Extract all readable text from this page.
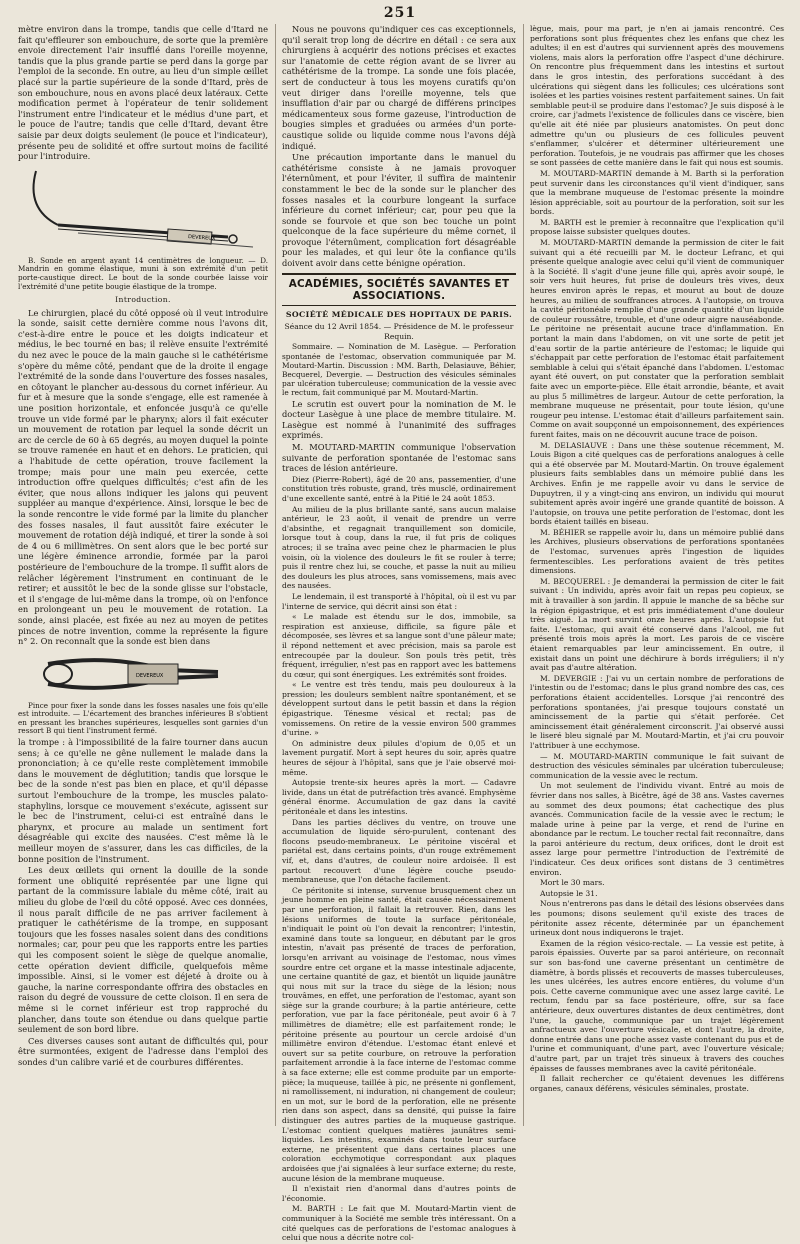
251

mètre environ dans la trompe, tandis que celle d'Itard ne fait qu'effleurer son embouchure, de sorte que la première envoie directement l'air insufflé dans l'oreille moyenne, tandis que la plus grande partie se perd dans la gorge par l'emploi de la seconde. En outre, au lieu d'un simple œillet placé sur la partie supérieure de la sonde d'Itard, près de son embouchure, nous en avons placé deux latéraux. Cette modification permet à l'opérateur de tenir solidement l'instrument entre l'indicateur et le médius d'une part, et le pouce de l'autre; tandis que celle d'Itard, devant être saisie par deux doigts seulement (le pouce et l'indicateur), présente peu de solidité et offre surtout moins de facilité pour l'introduire.

DEVEREUX

B. Sonde en argent ayant 14 centimètres de longueur. — D. Mandrin en gomme élastique, muni à son extrémité d'un petit porte-caustique direct. Le bout de la sonde courbée laisse voir l'extrémité d'une petite bougie élastique de la trompe.

Introduction.

Le chirurgien, placé du côté opposé où il veut introduire la sonde, saisit cette dernière comme nous l'avons dit, c'est-à-dire entre le pouce et les doigts indicateur et médius, le bec tourné en bas; il relève ensuite l'extrémité du nez avec le pouce de la main gauche si le cathétérisme s'opère du même côté, pendant que de la droite il engage l'extrémité de la sonde dans l'ouverture des fosses nasales, en côtoyant le plancher au-dessous du cornet inférieur. Au fur et à mesure que la sonde s'engage, elle est ramenée à une position horizontale, et enfoncée jusqu'à ce qu'elle trouve un vide formé par le pharynx; alors il fait exécuter un mouvement de rotation par lequel la sonde décrit un arc de cercle de 60 à 65 degrés, au moyen duquel la pointe se trouve ramenée en haut et en dehors. Le praticien, qui a l'habitude de cette opération, trouve facilement la trompe; mais pour une main peu exercée, cette introduction offre quelques difficultés; c'est afin de les éviter, que nous allons indiquer les jalons qui peuvent suppléer au manque d'expérience. Ainsi, lorsque le bec de la sonde rencontre le vide formé par la limite du plancher des fosses nasales, il faut aussitôt faire exécuter le mouvement de rotation déjà indiqué, et tirer la sonde à soi de 4 ou 6 millimètres. On sent alors que le bec porté sur une légère éminence arrondie, formée par la paroi postérieure de l'embouchure de la trompe. Il suffit alors de relâcher légèrement l'instrument en continuant de le retirer; et aussitôt le bec de la sonde glisse sur l'obstacle, et il s'engage de lui-même dans la trompe, où on l'enfonce en prolongeant un peu le mouvement de rotation. La sonde, ainsi placée, est fixée au nez au moyen de petites pinces de notre invention, comme la représente la figure n° 2. On reconnaît que la sonde est bien dans

DEVEREUX

Pince pour fixer la sonde dans les fosses nasales une fois qu'elle est introduite. — L'écartement des branches inférieures B s'obtient en pressant les branches supérieures, lesquelles sont garnies d'un ressort B qui tient l'instrument fermé.

la trompe : à l'impossibilité de la faire tourner dans aucun sens; à ce qu'elle ne gêne nullement le malade dans la prononciation; à ce qu'elle reste complètement immobile dans le mouvement de déglutition; tandis que lorsque le bec de la sonde n'est pas bien en place, et qu'il dépasse surtout l'embouchure de la trompe, les muscles palato-staphylins, lorsque ce mouvement s'exécute, agissent sur le bec de l'instrument, celui-ci est entraîné dans le pharynx, et procure au malade un sentiment fort désagréable qui excite des nausées. C'est même là le meilleur moyen de s'assurer, dans les cas difficiles, de la bonne position de l'instrument.

Les deux œillets qui ornent la douille de la sonde forment une obliquité représentée par une ligne qui partant de la commissure labiale du même côté, irait au milieu du globe de l'œil du côté opposé. Avec ces données, il nous paraît difficile de ne pas arriver facilement à pratiquer le cathétérisme de la trompe, en supposant toujours que les fosses nasales soient dans des conditions normales; car, pour peu que les rapports entre les parties qui les composent soient le siège de quelque anomalie, cette opération devient difficile, quelquefois même impossible. Ainsi, si le vomer est déjeté à droite ou à gauche, la narine correspondante offrira des obstacles en raison du degré de voussure de cette cloison. Il en sera de même si le cornet inférieur est trop rapproché du plancher, dans toute son étendue ou dans quelque partie seulement de son bord libre.

Ces diverses causes sont autant de difficultés qui, pour être surmontées, exigent de l'adresse dans l'emploi des sondes d'un calibre varié et de courbures différentes.

Nous ne pouvons qu'indiquer ces cas exceptionnels, qu'il serait trop long de décrire en détail : ce sera aux chirurgiens à acquérir des notions précises et exactes sur l'anatomie de cette région avant de se livrer au cathétérisme de la trompe. La sonde une fois placée, sert de conducteur à tous les moyens curatifs qu'on veut diriger dans l'oreille moyenne, tels que insufflation d'air par ou chargé de différens principes médicamenteux sous forme gazeuse, l'introduction de bougies simples et graduées ou armées d'un porte-caustique solide ou liquide comme nous l'avons déjà indiqué.

Une précaution importante dans le manuel du cathétérisme consiste à ne jamais provoquer l'éternûment, et pour l'éviter, il suffira de maintenir constamment le bec de la sonde sur le plancher des fosses nasales et la courbure longeant la surface inférieure du cornet inférieur; car, pour peu que la sonde se fourvoie et que son bec touche un point quelconque de la face supérieure du même cornet, il provoque l'éternûment, complication fort désagréable pour les malades, et qui leur ôte la confiance qu'ils doivent avoir dans cette bénigne opération.

ACADÉMIES, SOCIÉTÉS SAVANTES ET ASSOCIATIONS.
SOCIÉTÉ MÉDICALE DES HOPITAUX DE PARIS.

Séance du 12 Avril 1854. — Présidence de M. le professeur Requin.

Sommaire. — Nomination de M. Lasègue. — Perforation spontanée de l'estomac, observation communiquée par M. Moutard-Martin. Discussion : MM. Barth, Delasiauve, Béhier, Becquerel, Devergie. — Destruction des vésicules séminales par ulcération tuberculeuse; communication de la vessie avec le rectum, fait communiqué par M. Moutard-Martin.

Le scrutin est ouvert pour la nomination de M. le docteur Lasègue à une place de membre titulaire. M. Lasègue est nommé à l'unanimité des suffrages exprimés.

M. MOUTARD-MARTIN communique l'observation suivante de perforation spontanée de l'estomac sans traces de lésion antérieure.

Diez (Pierre-Robert), âgé de 20 ans, passementier, d'une constitution très robuste, grand, très musclé, ordinairement d'une excellente santé, entré à la Pitié le 24 août 1853.

Au milieu de la plus brillante santé, sans aucun malaise antérieur, le 23 août, il venait de prendre un verre d'absinthe, et regagnait tranquillement son domicile, lorsque tout à coup, dans la rue, il fut pris de coliques atroces; il se traîna avec peine chez le pharmacien le plus voisin, où la violence des douleurs le fit se rouler à terre; puis il rentre chez lui, se couche, et passe la nuit au milieu des douleurs les plus atroces, sans vomissemens, mais avec des nausées.

Le lendemain, il est transporté à l'hôpital, où il est vu par l'interne de service, qui décrit ainsi son état :

« Le malade est étendu sur le dos, immobile, sa respiration est anxieuse, difficile, sa figure pâle et décomposée, ses lèvres et sa langue sont d'une pâleur mate; il répond nettement et avec précision, mais sa parole est entrecoupée par la douleur. Son pouls très petit, très fréquent, irrégulier, n'est pas en rapport avec les battemens du cœur, qui sont énergiques. Les extrémités sont froides.

« Le ventre est très tendu, mais peu douloureux à la pression; les douleurs semblent naître spontanément, et se développent surtout dans le petit bassin et dans la région épigastrique. Ténesme vésical et rectal; pas de vomissemens. On retire de la vessie environ 500 grammes d'urine. »

On administre deux pilules d'opium de 0,05 et un lavement purgatif. Mort à sept heures du soir, après quatre heures de séjour à l'hôpital, sans que je l'aie observé moi-même.

Autopsie trente-six heures après la mort. — Cadavre livide, dans un état de putréfaction très avancé. Emphysème général énorme. Accumulation de gaz dans la cavité péritonéale et dans les intestins.

Dans les parties déclives du ventre, on trouve une accumulation de liquide séro-purulent, contenant des flocons pseudo-membraneux. Le péritoine viscéral et pariétal est, dans certains points, d'un rouge extrêmement vif, et, dans d'autres, de couleur noire ardoisée. Il est partout recouvert d'une légère couche pseudo-membraneuse, que l'on détache facilement.

Ce péritonite si intense, survenue brusquement chez un jeune homme en pleine santé, était causée nécessairement par une perforation, il fallait la retrouver. Rien, dans les lésions uniformes de toute la surface péritonéale, n'indiquait le point où l'on devait la rencontrer; l'intestin, examiné dans toute sa longueur, en débutant par le gros intestin, n'avait pas présenté de traces de perforation, lorsqu'en arrivant au voisinage de l'estomac, nous vîmes sourdre entre cet organe et la masse intestinale adjacente, une certaine quantité de gaz, et bientôt un liquide jaunâtre qui nous mit sur la trace du siège de la lésion; nous trouvâmes, en effet, une perforation de l'estomac, ayant son siège sur la grande courbure; à la partie antérieure, cette perforation, vue par la face péritonéale, peut avoir 6 à 7 millimètres de diamètre; elle est parfaitement ronde; le péritoine présente au pourtour un cercle ardoisé d'un millimètre environ d'étendue. L'estomac étant enlevé et ouvert sur sa petite courbure, on retrouve la perforation parfaitement arrondie à la face interne de l'estomac comme à sa face externe; elle est comme produite par un emporte-pièce; la muqueuse, taillée à pic, ne présente ni gonflement, ni ramollissement, ni induration, ni changement de couleur; en un mot, sur le bord de la perforation, elle ne présente rien dans son aspect, dans sa densité, qui puisse la faire distinguer des autres parties de la muqueuse gastrique. L'estomac contient quelques matières jaunâtres semi-liquides. Les intestins, examinés dans toute leur surface externe, ne présentent que dans certaines places une coloration ecchymotique correspondant aux plaques ardoisées que j'ai signalées à leur surface externe; du reste, aucune lésion de la membrane muqueuse.

Il n'existait rien d'anormal dans d'autres points de l'économie.

M. BARTH : Le fait que M. Moutard-Martin vient de communiquer à la Société me semble très intéressant. On a cité quelques cas de perforations de l'estomac analogues à celui que nous a décrite notre col-

lègue, mais, pour ma part, je n'en ai jamais rencontré. Ces perforations sont plus fréquentes chez les enfans que chez les adultes; il en est d'autres qui surviennent après des mouvemens violens, mais alors la perforation offre l'aspect d'une déchirure. On rencontre plus fréquemment dans les intestins et surtout dans le gros intestin, des perforations succédant à des ulcérations qui siègent dans les follicules; ces ulcérations sont isolées et les parties voisines restent parfaitement saines. Un fait semblable peut-il se produire dans l'estomac? Je suis disposé à le croire, car j'admets l'existence de follicules dans ce viscère, bien qu'elle ait été niée par plusieurs anatomistes. On peut donc admettre qu'un ou plusieurs de ces follicules peuvent s'enflammer, s'ulcérer et déterminer ultérieurement une perforation. Toutefois, je ne voudrais pas affirmer que les choses se sont passées de cette manière dans le fait qui nous est soumis.

M. MOUTARD-MARTIN demande à M. Barth si la perforation peut survenir dans les circonstances qu'il vient d'indiquer, sans que la membrane muqueuse de l'estomac présente la moindre lésion appréciable, soit au pourtour de la perforation, soit sur les bords.

M. BARTH est le premier à reconnaître que l'explication qu'il propose laisse subsister quelques doutes.

M. MOUTARD-MARTIN demande la permission de citer le fait suivant qui a été recueilli par M. le docteur Lefranc, et qui présente quelque analogie avec celui qu'il vient de communiquer à la Société. Il s'agit d'une jeune fille qui, après avoir soupé, le soir vers huit heures, fut prise de douleurs très vives, deux heures environ après le repas, et mourut au bout de douze heures, au milieu de souffrances atroces. A l'autopsie, on trouva la cavité péritonéale remplie d'une grande quantité d'un liquide de couleur roussâtre, trouble, et d'une odeur aigre nauséabonde. Le péritoine ne présentait aucune trace d'inflammation. En portant la main dans l'abdomen, on vit une sorte de petit jet d'eau sortir de la partie antérieure de l'estomac; le liquide qui s'échappait par cette perforation de l'estomac était parfaitement semblable à celui qui s'était épanché dans l'abdomen. L'estomac ayant été ouvert, on put constater que la perforation semblait faite avec un emporte-pièce. Elle était arrondie, béante, et avait au plus 5 millimètres de largeur. Autour de cette perforation, la membrane muqueuse ne présentait, pour toute lésion, qu'une rougeur peu intense. L'estomac était d'ailleurs parfaitement sain. Comme on avait soupçonné un empoisonnement, des expériences furent faites, mais on ne découvrit aucune trace de poison.

M. DELASIAUVE : Dans une thèse soutenue récemment, M. Louis Bigon a cité quelques cas de perforations analogues à celle qui a été observée par M. Moutard-Martin. On trouve également plusieurs faits semblables dans un mémoire publié dans les Archives. Enfin je me rappelle avoir vu dans le service de Dupuytren, il y a vingt-cinq ans environ, un individu qui mourut subitement après avoir ingéré une grande quantité de boisson. A l'autopsie, on trouva une petite perforation de l'estomac, dont les bords étaient taillés en biseau.

M. BÉHIER se rappelle avoir lu, dans un mémoire publié dans les Archives, plusieurs observations de perforations spontanées de l'estomac, survenues après l'ingestion de liquides fermentescibles. Les perforations avaient de très petites dimensions.

M. BECQUEREL : Je demanderai la permission de citer le fait suivant : Un individu, après avoir fait un repas peu copieux, se mit à travailler à son jardin. Il appuie le manche de sa bêche sur la région épigastrique, et est pris immédiatement d'une douleur très aiguë. La mort survint onze heures après. L'autopsie fut faite. L'estomac, qui avait été conservé dans l'alcool, me fut présenté trois mois après la mort. Les parois de ce viscère étaient remarquables par leur amincissement. En outre, il existait dans un point une déchirure à bords irréguliers; il n'y avait pas d'autre altération.

M. DEVERGIE : J'ai vu un certain nombre de perforations de l'intestin ou de l'estomac; dans le plus grand nombre des cas, ces perforations étaient accidentelles. Lorsque j'ai rencontré des perforations spontanées, j'ai presque toujours constaté un amincissement de la partie qui s'était perforée. Cet amincissement était généralement circonscrit. J'ai observé aussi le liseré bleu signalé par M. Moutard-Martin, et j'ai cru pouvoir l'attribuer à une ecchymose.

— M. MOUTARD-MARTIN communique le fait suivant de destruction des vésicules séminales par ulcération tuberculeuse; communication de la vessie avec le rectum.

Un mot seulement de l'individu vivant. Entré au mois de février dans nos salles, à Bicêtre, âgé de 38 ans. Vastes cavernes au sommet des deux poumons; état cachectique des plus avancés. Communication facile de la vessie avec le rectum; le malade urine à peine par la verge, et rend de l'urine en abondance par le rectum. Le toucher rectal fait reconnaître, dans la paroi antérieure du rectum, deux orifices, dont le droit est assez large pour permettre l'introduction de l'extrémité de l'indicateur. Ces deux orifices sont distans de 3 centimètres environ.

Mort le 30 mars.

Autopsie le 31.

Nous n'entrerons pas dans le détail des lésions observées dans les poumons; disons seulement qu'il existe des traces de péritonite assez récente, déterminée par un épanchement urineux dont nous indiquerons le trajet.

Examen de la région vésico-rectale. — La vessie est petite, à parois épaissies. Ouverte par sa paroi antérieure, on reconnaît sur son bas-fond une caverne présentant un centimètre de diamètre, à bords plissés et recouverts de masses tuberculeuses, les unes ulcérées, les autres encore entières, du volume d'un pois. Cette caverne communique avec une assez large cavité. Le rectum, fendu par sa face postérieure, offre, sur sa face antérieure, deux ouvertures distantes de deux centimètres, dont l'une, la gauche, communique par un trajet légèrement anfractueux avec l'ouverture vésicale, et dont l'autre, la droite, donne entrée dans une poche assez vaste contenant du pus et de l'urine et communiquant, d'une part, avec l'ouverture vésicale; d'autre part, par un trajet très sinueux à travers des couches épaisses de fausses membranes avec la cavité péritonéale.

Il fallait rechercher ce qu'étaient devenues les différens organes, canaux déférens, vésicules séminales, prostate.
